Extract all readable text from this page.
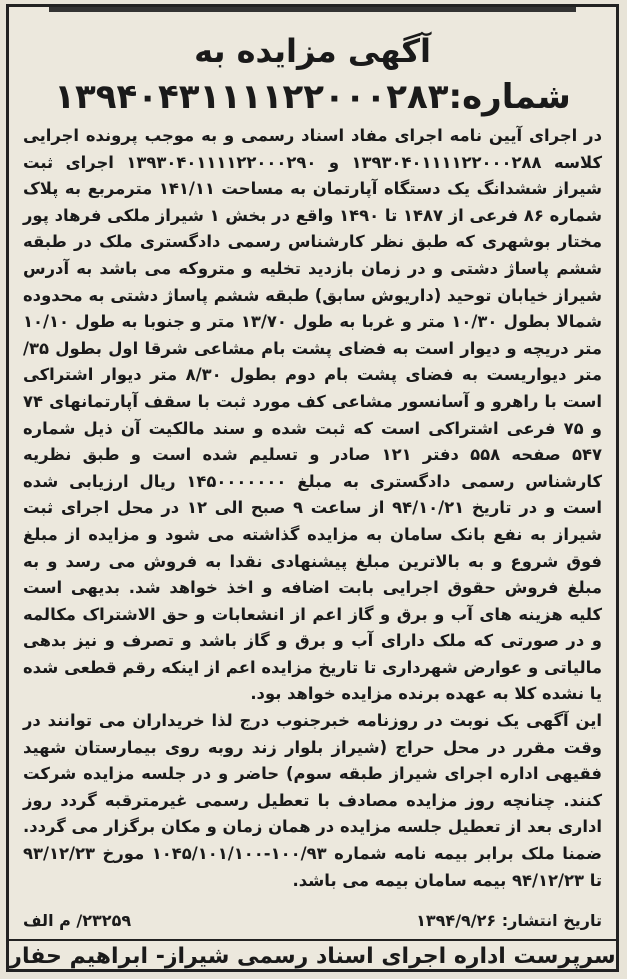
آگهی مزایده به
شماره:۱۳۹۴۰۴۳۱۱۱۱۲۲۰۰۰۲۸۳

در اجرای آیین نامه اجرای مفاد اسناد رسمی و به موجب پرونده اجرایی کلاسه ۱۳۹۳۰۴۰۱۱۱۱۲۲۰۰۰۲۸۸ و ۱۳۹۳۰۴۰۱۱۱۱۲۲۰۰۰۲۹۰ اجرای ثبت شیراز ششدانگ یک دستگاه آپارتمان به مساحت ۱۴۱/۱۱ مترمربع به پلاک شماره ۸۶ فرعی از ۱۴۸۷ تا ۱۴۹۰ واقع در بخش ۱ شیراز ملکی فرهاد پور مختار بوشهری که طبق نظر کارشناس رسمی دادگستری ملک در طبقه ششم پاساژ دشتی و در زمان بازدید تخلیه و متروکه می باشد به آدرس شیراز خیابان توحید (داریوش سابق) طبقه ششم پاساژ دشتی به محدوده شمالا بطول ۱۰/۳۰ متر و غربا به طول ۱۳/۷۰ متر و جنوبا به طول ۱۰/۱۰ متر دریچه و دیوار است به فضای پشت بام مشاعی شرقا اول بطول ۳۵/ متر دیواریست به فضای پشت بام دوم بطول ۸/۳۰ متر دیوار اشتراکی است با راهرو و آسانسور مشاعی کف مورد ثبت با سقف آپارتمانهای ۷۴ و ۷۵ فرعی اشتراکی است که ثبت شده و سند مالکیت آن ذیل شماره ۵۴۷ صفحه ۵۵۸ دفتر ۱۲۱ صادر و تسلیم شده است و طبق نظریه کارشناس رسمی دادگستری به مبلغ ۱۴۵۰۰۰۰۰۰۰ ریال ارزیابی شده است و در تاریخ ۹۴/۱۰/۲۱ از ساعت ۹ صبح الی ۱۲ در محل اجرای ثبت شیراز به نفع بانک سامان به مزایده گذاشته می شود و مزایده از مبلغ فوق شروع و به بالاترین مبلغ پیشنهادی نقدا به فروش می رسد و به مبلغ فروش حقوق اجرایی بابت اضافه و اخذ خواهد شد. بدیهی است کلیه هزینه های آب و برق و گاز اعم از انشعابات و حق الاشتراک مکالمه و در صورتی که ملک دارای آب و برق و گاز باشد و تصرف و نیز بدهی مالیاتی و عوارض شهرداری تا تاریخ مزایده اعم از اینکه رقم قطعی شده یا نشده کلا به عهده برنده مزایده خواهد بود.

این آگهی یک نوبت در روزنامه خبرجنوب درج لذا خریداران می توانند در وقت مقرر در محل حراج (شیراز بلوار زند روبه روی بیمارستان شهید فقیهی اداره اجرای شیراز طبقه سوم) حاضر و در جلسه مزایده شرکت کنند. چنانچه روز مزایده مصادف با تعطیل رسمی غیرمترقبه گردد روز اداری بعد از تعطیل جلسه مزایده در همان زمان و مکان برگزار می گردد. ضمنا ملک برابر بیمه نامه شماره ۱۰۰/۹۳-۱۰۴۵/۱۰۱/۱۰۰ مورخ ۹۳/۱۲/۲۳ تا ۹۴/۱۲/۲۳ بیمه سامان بیمه می باشد.

تاریخ انتشار: ۱۳۹۴/۹/۲۶
۲۳۲۵۹/ م الف
سرپرست اداره اجرای اسناد رسمی شیراز- ابراهیم حفار
